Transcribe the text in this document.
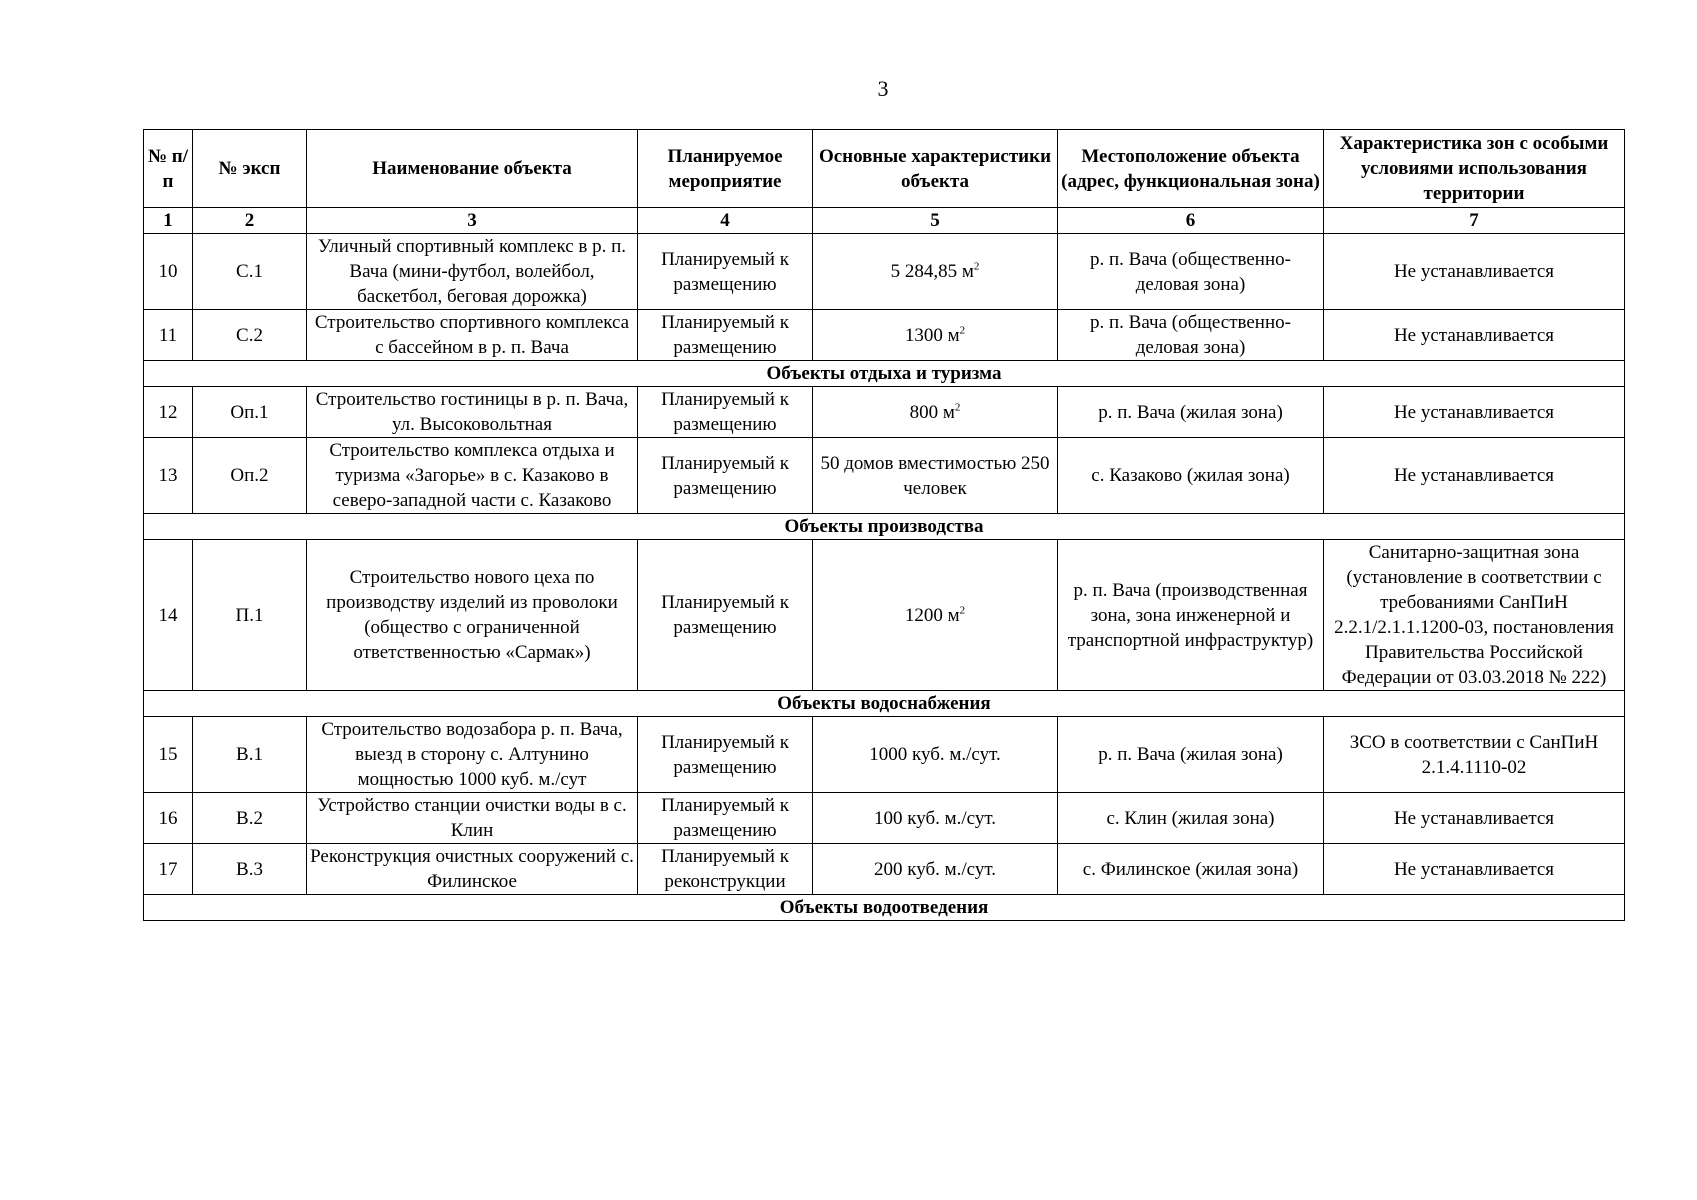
3
№ п/п	№ эксп	Наименование объекта	Планируемое мероприятие	Основные характеристики объекта	Местоположение объекта (адрес, функциональная зона)	Характеристика зон с особыми условиями использования территории
1	2	3	4	5	6	7
10	С.1	Уличный спортивный комплекс в р. п. Вача (мини-футбол, волейбол, баскетбол, беговая дорожка)	Планируемый к размещению	5 284,85 $м^2$	р. п. Вача (общественно-деловая зона)	Не устанавливается
11	С.2	Строительство спортивного комплекса с бассейном в р. п. Вача	Планируемый к размещению	1300 $м^2$	р. п. Вача (общественно-деловая зона)	Не устанавливается
Объекты отдыха и туризма						
12	Оп.1	Строительство гостиницы в р. п. Вача, ул. Высоковольтная	Планируемый к размещению	800 $м^2$	р. п. Вача (жилая зона)	Не устанавливается
13	Оп.2	Строительство комплекса отдыха и туризма «Загорье» в с. Казаково в северо-западной части с. Казаково	Планируемый к размещению	50 домов вместимостью 250 человек	с. Казаково (жилая зона)	Не устанавливается
Объекты производства						
14	П.1	Строительство нового цеха по производству изделий из проволоки (общество с ограниченной ответственностью «Сармак»)	Планируемый к размещению	1200 $м^2$	р. п. Вача (производственная зона, зона инженерной и транспортной инфраструктур)	Санитарно-защитная зона (установление в соответствии с требованиями СанПиН 2.2.1/2.1.1.1200-03, постановления Правительства Российской Федерации от 03.03.2018 № 222)
Объекты водоснабжения						
15	В.1	Строительство водозабора р. п. Вача, выезд в сторону с. Алтунино мощностью 1000 куб. м./сут	Планируемый к размещению	1000 куб. м./сут.	р. п. Вача (жилая зона)	ЗСО в соответствии с СанПиН 2.1.4.1110-02
16	В.2	Устройство станции очистки воды в с. Клин	Планируемый к размещению	100 куб. м./сут.	с. Клин (жилая зона)	Не устанавливается
17	В.3	Реконструкция очистных сооружений с. Филинское	Планируемый к реконструкции	200 куб. м./сут.	с. Филинское (жилая зона)	Не устанавливается
Объекты водоотведения						
